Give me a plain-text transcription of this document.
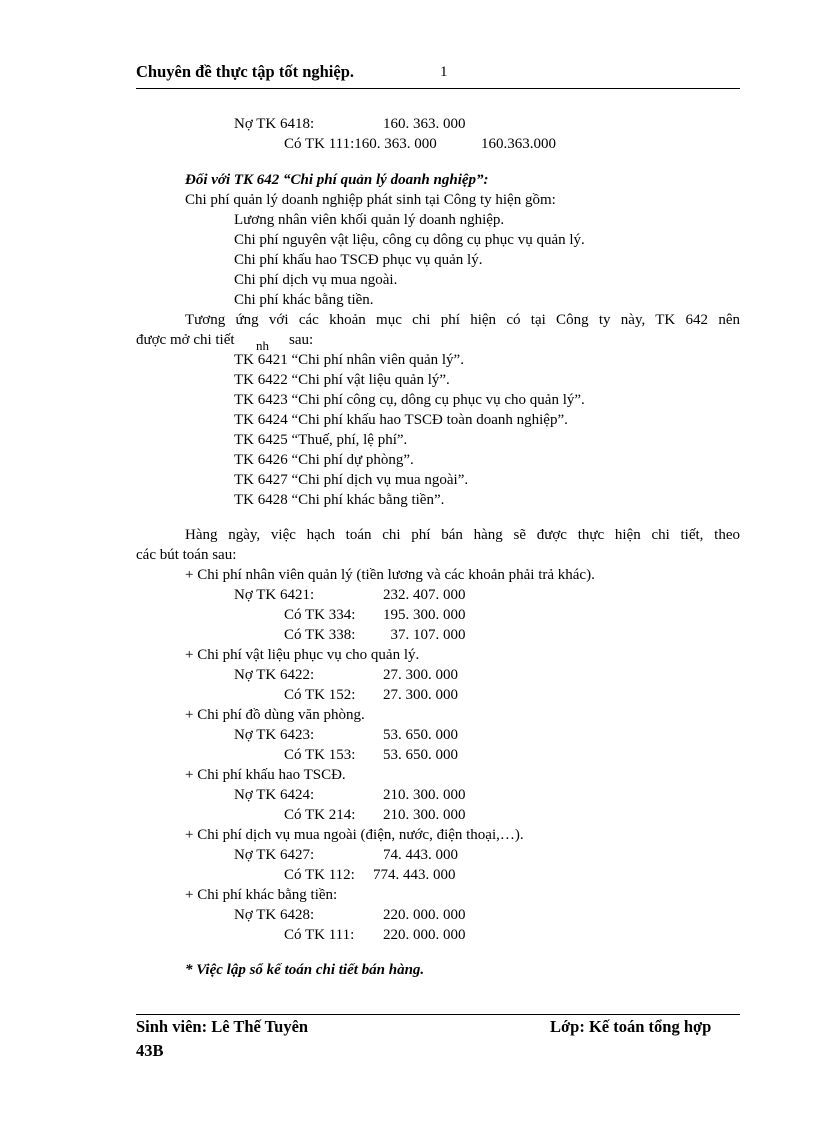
Chuyên đề thực tập tốt nghiệp.	1
Nợ TK 6418:	160. 363. 000
Có TK 111:160. 363. 000	160.363.000
Đối với TK 642 “Chi phí quản lý doanh nghiệp”:
Chi phí quản lý doanh nghiệp phát sinh tại Công ty hiện gồm:
Lương nhân viên khối quản lý doanh nghiệp.
Chi phí nguyên vật liệu, công cụ dông cụ phục vụ quản lý.
Chi phí khấu hao TSCĐ phục vụ quản lý.
Chi phí dịch vụ mua ngoài.
Chi phí khác bằng tiền.
Tương ứng với các khoản mục chi phí hiện có tại Công ty này, TK 642 nên
được mở chi tiết nh sau:
TK 6421 “Chi phí nhân viên quản lý”.
TK 6422 “Chi phí vật liệu quản lý”.
TK 6423 “Chi phí công cụ, dông cụ phục vụ cho quản lý”.
TK 6424 “Chi phí khấu hao TSCĐ toàn doanh nghiệp”.
TK 6425 “Thuế, phí, lệ phí”.
TK 6426 “Chi phí dự phòng”.
TK 6427 “Chi phí dịch vụ mua ngoài”.
TK 6428 “Chi phí khác bằng tiền”.
Hàng ngày, việc hạch toán chi phí bán hàng sẽ được thực hiện chi tiết, theo
các bút toán sau:
+ Chi phí nhân viên quản lý (tiền lương và các khoản phải trả khác).
Nợ TK 6421:	232. 407. 000
Có TK 334: 195. 300. 000
Có TK 338: 37. 107. 000
+ Chi phí vật liệu phục vụ cho quản lý.
Nợ TK 6422:	27. 300. 000
Có TK 152: 27. 300. 000
+ Chi phí đồ dùng văn phòng.
Nợ TK 6423:	53. 650. 000
Có TK 153: 53. 650. 000
+ Chi phí khấu hao TSCĐ.
Nợ TK 6424:	210. 300. 000
Có TK 214: 210. 300. 000
+ Chi phí dịch vụ mua ngoài (điện, nước, điện thoại,…).
Nợ TK 6427:	74. 443. 000
Có TK 112: 774. 443. 000
+ Chi phí khác bằng tiền:
Nợ TK 6428:	220. 000. 000
Có TK 111: 220. 000. 000
* Việc lập sổ kế toán chi tiết bán hàng.
Sinh viên: Lê Thế Tuyên	Lớp: Kế toán tổng hợp
43B
